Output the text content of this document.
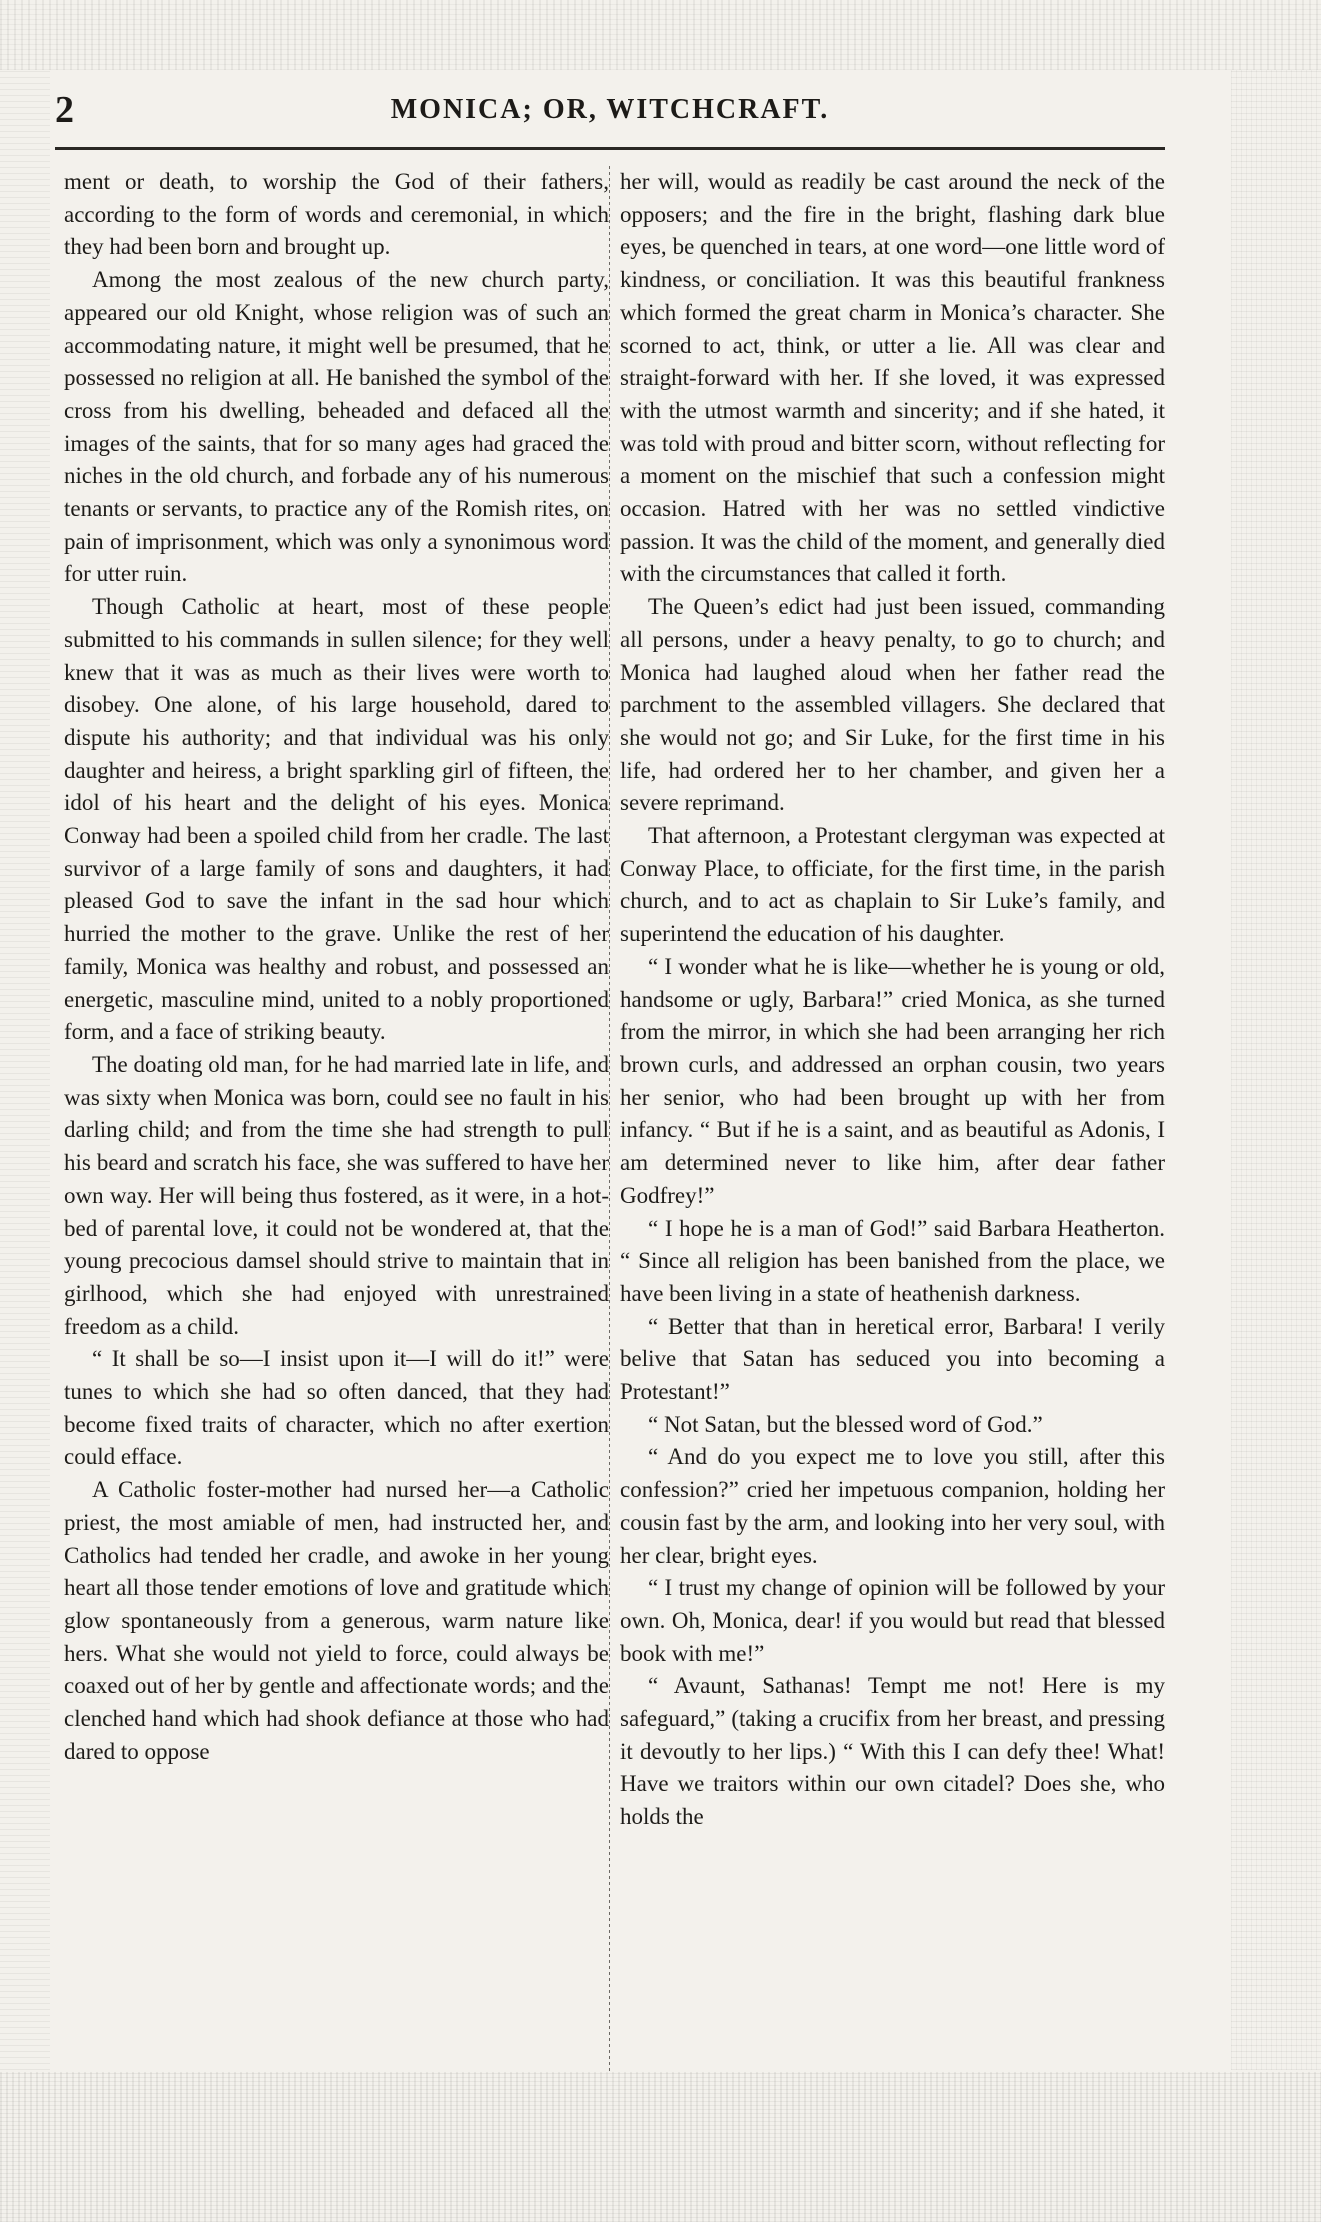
2	MONICA; OR, WITCHCRAFT.

ment or death, to worship the God of their fathers, according to the form of words and ceremonial, in which they had been born and brought up.

Among the most zealous of the new church party, appeared our old Knight, whose religion was of such an accommodating nature, it might well be presumed, that he possessed no religion at all. He banished the symbol of the cross from his dwelling, beheaded and defaced all the images of the saints, that for so many ages had graced the niches in the old church, and forbade any of his numerous tenants or servants, to practice any of the Romish rites, on pain of imprisonment, which was only a synonimous word for utter ruin.

Though Catholic at heart, most of these people submitted to his commands in sullen silence; for they well knew that it was as much as their lives were worth to disobey. One alone, of his large household, dared to dispute his authority; and that individual was his only daughter and heiress, a bright sparkling girl of fifteen, the idol of his heart and the delight of his eyes. Monica Conway had been a spoiled child from her cradle. The last survivor of a large family of sons and daughters, it had pleased God to save the infant in the sad hour which hurried the mother to the grave. Unlike the rest of her family, Monica was healthy and robust, and possessed an energetic, masculine mind, united to a nobly proportioned form, and a face of striking beauty.

The doating old man, for he had married late in life, and was sixty when Monica was born, could see no fault in his darling child; and from the time she had strength to pull his beard and scratch his face, she was suffered to have her own way. Her will being thus fostered, as it were, in a hot-bed of parental love, it could not be wondered at, that the young precocious damsel should strive to maintain that in girlhood, which she had enjoyed with unrestrained freedom as a child.

“ It shall be so—I insist upon it—I will do it!” were tunes to which she had so often danced, that they had become fixed traits of character, which no after exertion could efface.

A Catholic foster-mother had nursed her—a Catholic priest, the most amiable of men, had instructed her, and Catholics had tended her cradle, and awoke in her young heart all those tender emotions of love and gratitude which glow spontaneously from a generous, warm nature like hers. What she would not yield to force, could always be coaxed out of her by gentle and affectionate words; and the clenched hand which had shook defiance at those who had dared to oppose

her will, would as readily be cast around the neck of the opposers; and the fire in the bright, flashing dark blue eyes, be quenched in tears, at one word—one little word of kindness, or conciliation. It was this beautiful frankness which formed the great charm in Monica’s character. She scorned to act, think, or utter a lie. All was clear and straight-forward with her. If she loved, it was expressed with the utmost warmth and sincerity; and if she hated, it was told with proud and bitter scorn, without reflecting for a moment on the mischief that such a confession might occasion. Hatred with her was no settled vindictive passion. It was the child of the moment, and generally died with the circumstances that called it forth.

The Queen’s edict had just been issued, commanding all persons, under a heavy penalty, to go to church; and Monica had laughed aloud when her father read the parchment to the assembled villagers. She declared that she would not go; and Sir Luke, for the first time in his life, had ordered her to her chamber, and given her a severe reprimand.

That afternoon, a Protestant clergyman was expected at Conway Place, to officiate, for the first time, in the parish church, and to act as chaplain to Sir Luke’s family, and superintend the education of his daughter.

“ I wonder what he is like—whether he is young or old, handsome or ugly, Barbara!” cried Monica, as she turned from the mirror, in which she had been arranging her rich brown curls, and addressed an orphan cousin, two years her senior, who had been brought up with her from infancy. “ But if he is a saint, and as beautiful as Adonis, I am determined never to like him, after dear father Godfrey!”

“ I hope he is a man of God!” said Barbara Heatherton. “ Since all religion has been banished from the place, we have been living in a state of heathenish darkness.

“ Better that than in heretical error, Barbara! I verily belive that Satan has seduced you into becoming a Protestant!”

“ Not Satan, but the blessed word of God.”

“ And do you expect me to love you still, after this confession?” cried her impetuous companion, holding her cousin fast by the arm, and looking into her very soul, with her clear, bright eyes.

“ I trust my change of opinion will be followed by your own. Oh, Monica, dear! if you would but read that blessed book with me!”

“ Avaunt, Sathanas! Tempt me not! Here is my safeguard,” (taking a crucifix from her breast, and pressing it devoutly to her lips.) “ With this I can defy thee! What! Have we traitors within our own citadel? Does she, who holds the
